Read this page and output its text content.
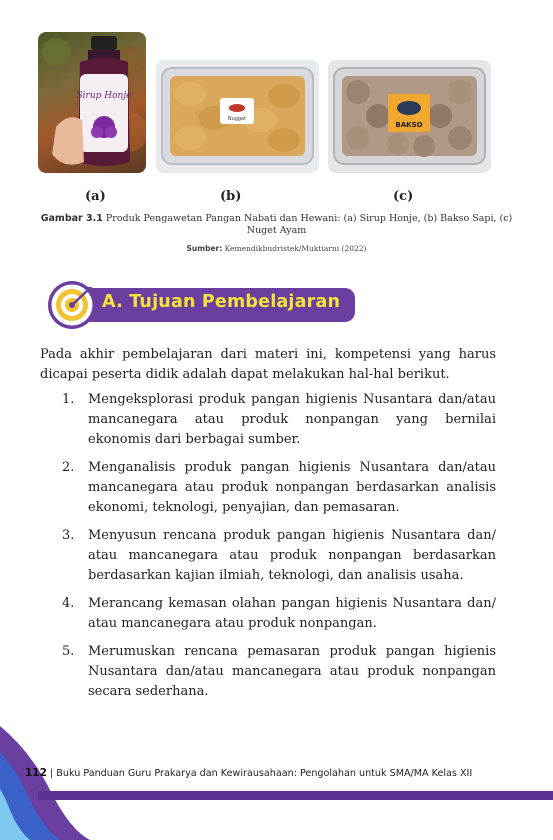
Sirup Honje
Nugget
BAKSO
(a)	(b)	(c)
Gambar 3.1 Produk Pengawetan Pangan Nabati dan Hewani: (a) Sirup Honje, (b) Bakso Sapi, (c) Nuget Ayam
Sumber: Kemendikbudristek/Muktiarni (2022)
A. Tujuan Pembelajaran

Pada akhir pembelajaran dari materi ini, kompetensi yang harus dicapai peserta didik adalah dapat melakukan hal-hal berikut.

1. Mengeksplorasi produk pangan higienis Nusantara dan/atau mancanegara atau produk nonpangan yang bernilai ekonomis dari berbagai sumber.
2. Menganalisis produk pangan higienis Nusantara dan/atau mancanegara atau produk nonpangan berdasarkan analisis ekonomi, teknologi, penyajian, dan pemasaran.
3. Menyusun rencana produk pangan higienis Nusantara dan/ atau mancanegara atau produk nonpangan berdasarkan berdasarkan kajian ilmiah, teknologi, dan analisis usaha.
4. Merancang kemasan olahan pangan higienis Nusantara dan/ atau mancanegara atau produk nonpangan.
5. Merumuskan rencana pemasaran produk pangan higienis Nusantara dan/atau mancanegara atau produk nonpangan secara sederhana.
112 | Buku Panduan Guru Prakarya dan Kewirausahaan: Pengolahan untuk SMA/MA Kelas XII
